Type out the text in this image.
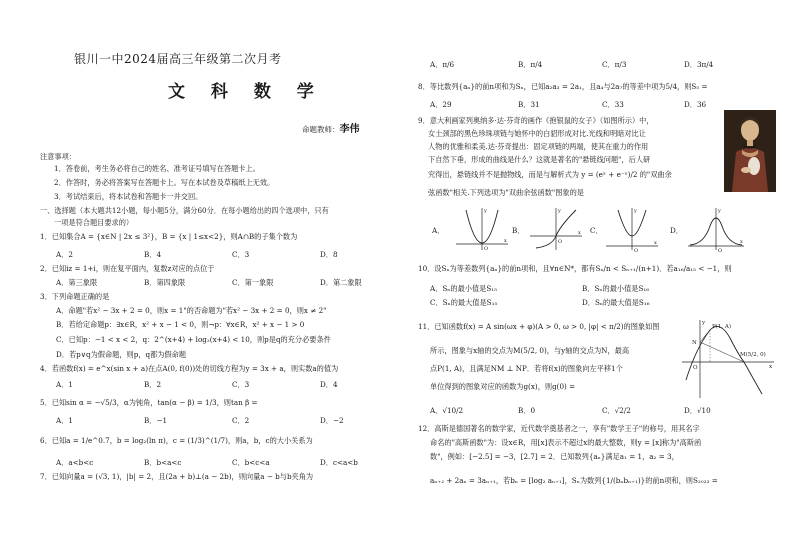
银川一中2024届高三年级第二次月考
文 科 数 学
命题教师：李伟
注意事项：
1．答卷前，考生务必将自己的姓名、准考证号填写在答题卡上。
2．作答时，务必将答案写在答题卡上。写在本试卷及草稿纸上无效。
3．考试结束后，将本试卷和答题卡一并交回。
一、选择题（本大题共12小题，每小题5分，满分60分．在每小题给出的四个选项中，只有
一项是符合题目要求的）
1．已知集合A = {x∈N | 2x ≤ 3²}，B = {x | 1≤x<2}，则A∩B的子集个数为
A．2	B．4	C．3	D．8
2．已知iz = 1+i，则在复平面内，复数z对应的点位于
A．第三象限	B．第四象限	C．第一象限	D．第二象限
3．下列命题正确的是
A．命题"若x² − 3x + 2 = 0，则x = 1"的否命题为"若x² − 3x + 2 = 0，则x ≠ 2"
B．若给定命题p：∃x∈R，x² + x − 1 < 0，则¬p：∀x∈R，x² + x − 1 > 0
C．已知p：−1 < x < 2，q：2^(x+4) + log₂(x+4) < 10，则p是q的充分必要条件
D．若p∨q为假命题，则p，q都为假命题
4．若函数f(x) = e^x(sin x + a)在点A(0, f(0))处的切线方程为y = 3x + a，则实数a的值为
A．1	B．2	C．3	D．4
5．已知sin α = −√5/3，α为钝角，tan(α − β) = 1/3，则tan β =
A．1	B．−1	C．2	D．−2
6．已知a = 1/e^0.7，b = log₂(ln π)，c = (1/3)^(1/7)，则a，b，c的大小关系为
A．a<b<c	B．b<a<c	C．b<c<a	D．c<a<b
7．已知向量a = (√3, 1)，|b| = 2，且(2a + b)⊥(a − 2b)，则向量a − b与b夹角为
A．π/6	B．π/4	C．π/3	D．3π/4
8．等比数列{aₙ}的前n项和为Sₙ，已知a₂a₃ = 2a₁，且a₄与2a₇的等差中项为5/4，则S₅ =
A．29	B．31	C．33	D．36
9．意大利画家列奥纳多·达·芬奇的画作《抱银鼠的女子》（如图所示）中，
女士颈部的黑色珍珠项链与她怀中的白貂形成对比.光线和明暗对比让
人物的优雅和柔美.达·芬奇提出：固定项链的两端，使其在重力的作用
下自然下垂，形成的曲线是什么？这就是著名的"悬链线问题"，后人研
究得出，悬链线并不是抛物线，而是与解析式为 y = (eˣ + e⁻ˣ)/2 的"双曲余
弦函数"相关.下列选项为"双曲余弦函数"图象的是
A．
O
x
y
B．
O
x
y
C．
O
x
y
D．
O
x
y
10．设Sₙ为等差数列{aₙ}的前n项和，且∀n∈N*，都有Sₙ/n < Sₙ₊₁/(n+1)．若a₁₆/a₁₅ < −1，则
A．Sₙ的最小值是S₁₅	B．Sₙ的最小值是S₁₆
C．Sₙ的最大值是S₁₅	D．Sₙ的最大值是S₁₆
11．已知函数f(x) = A sin(ωx + φ)(A > 0, ω > 0, |φ| < π/2)的图象如图
所示，图象与x轴的交点为M(5/2, 0)，与y轴的交点为N，最高
点P(1, A)，且满足NM ⊥ NP．若将f(x)的图象向左平移1个
单位得到的图象对应的函数为g(x)，则g(0) =
A．√10/2	B．0	C．√2/2	D．√10
P(1, A)
M(5/2, 0)
N
O	x
y
12．高斯是德国著名的数学家，近代数学奠基者之一，享有"数学王子"的称号，用其名字
命名的"高斯函数"为：设x∈R，用[x]表示不超过x的最大整数，则y = [x]称为"高斯函
数"，例如：[−2.5] = −3，[2.7] = 2．已知数列{aₙ}满足a₁ = 1，a₂ = 3，
aₙ₊₂ + 2aₙ = 3aₙ₊₁，若bₙ = [log₂ aₙ₊₁]，Sₙ为数列{1/(bₙbₙ₊₁)}的前n项和，则S₂₀₂₃ =
